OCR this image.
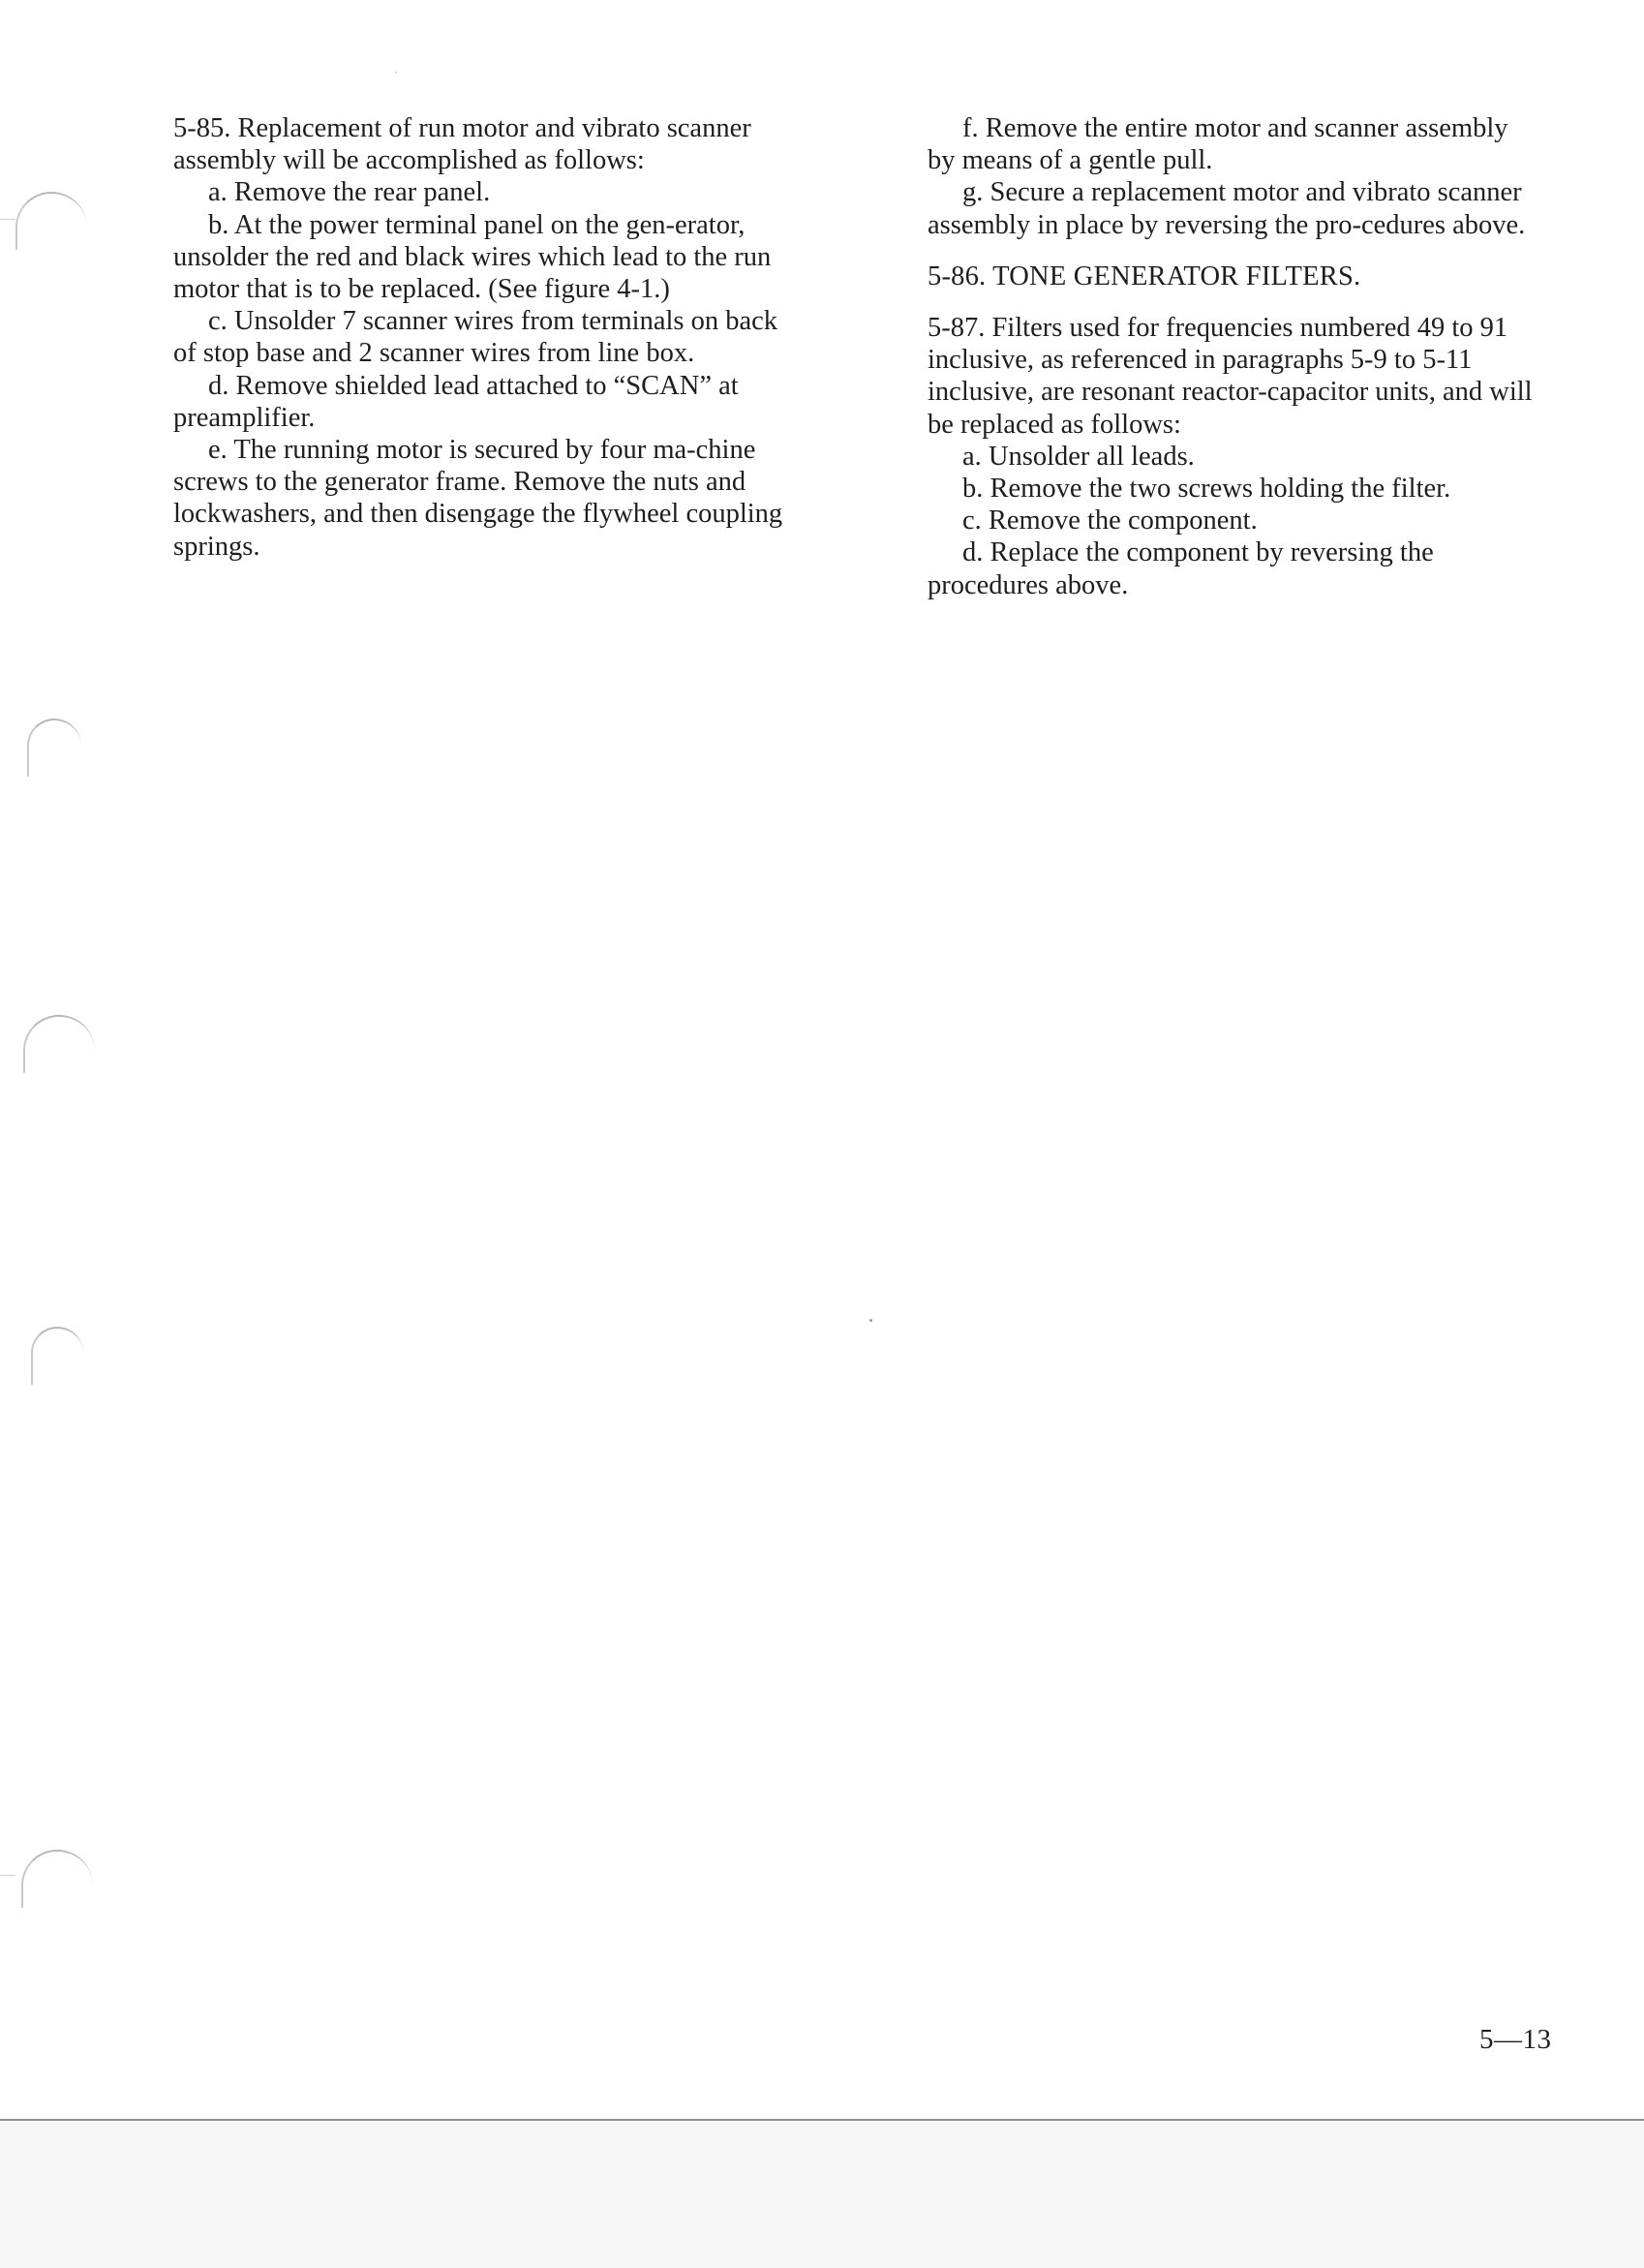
5-85. Replacement of run motor and vibrato scanner assembly will be accomplished as follows:

a. Remove the rear panel.

b. At the power terminal panel on the gen-erator, unsolder the red and black wires which lead to the run motor that is to be replaced. (See figure 4-1.)

c. Unsolder 7 scanner wires from terminals on back of stop base and 2 scanner wires from line box.

d. Remove shielded lead attached to “SCAN” at preamplifier.

e. The running motor is secured by four ma-chine screws to the generator frame. Remove the nuts and lockwashers, and then disengage the flywheel coupling springs.

f. Remove the entire motor and scanner assembly by means of a gentle pull.

g. Secure a replacement motor and vibrato scanner assembly in place by reversing the pro-cedures above.

5-86. TONE GENERATOR FILTERS.

5-87. Filters used for frequencies numbered 49 to 91 inclusive, as referenced in paragraphs 5-9 to 5-11 inclusive, are resonant reactor-capacitor units, and will be replaced as follows:

a. Unsolder all leads.

b. Remove the two screws holding the filter.

c. Remove the component.

d. Replace the component by reversing the procedures above.

5—13
